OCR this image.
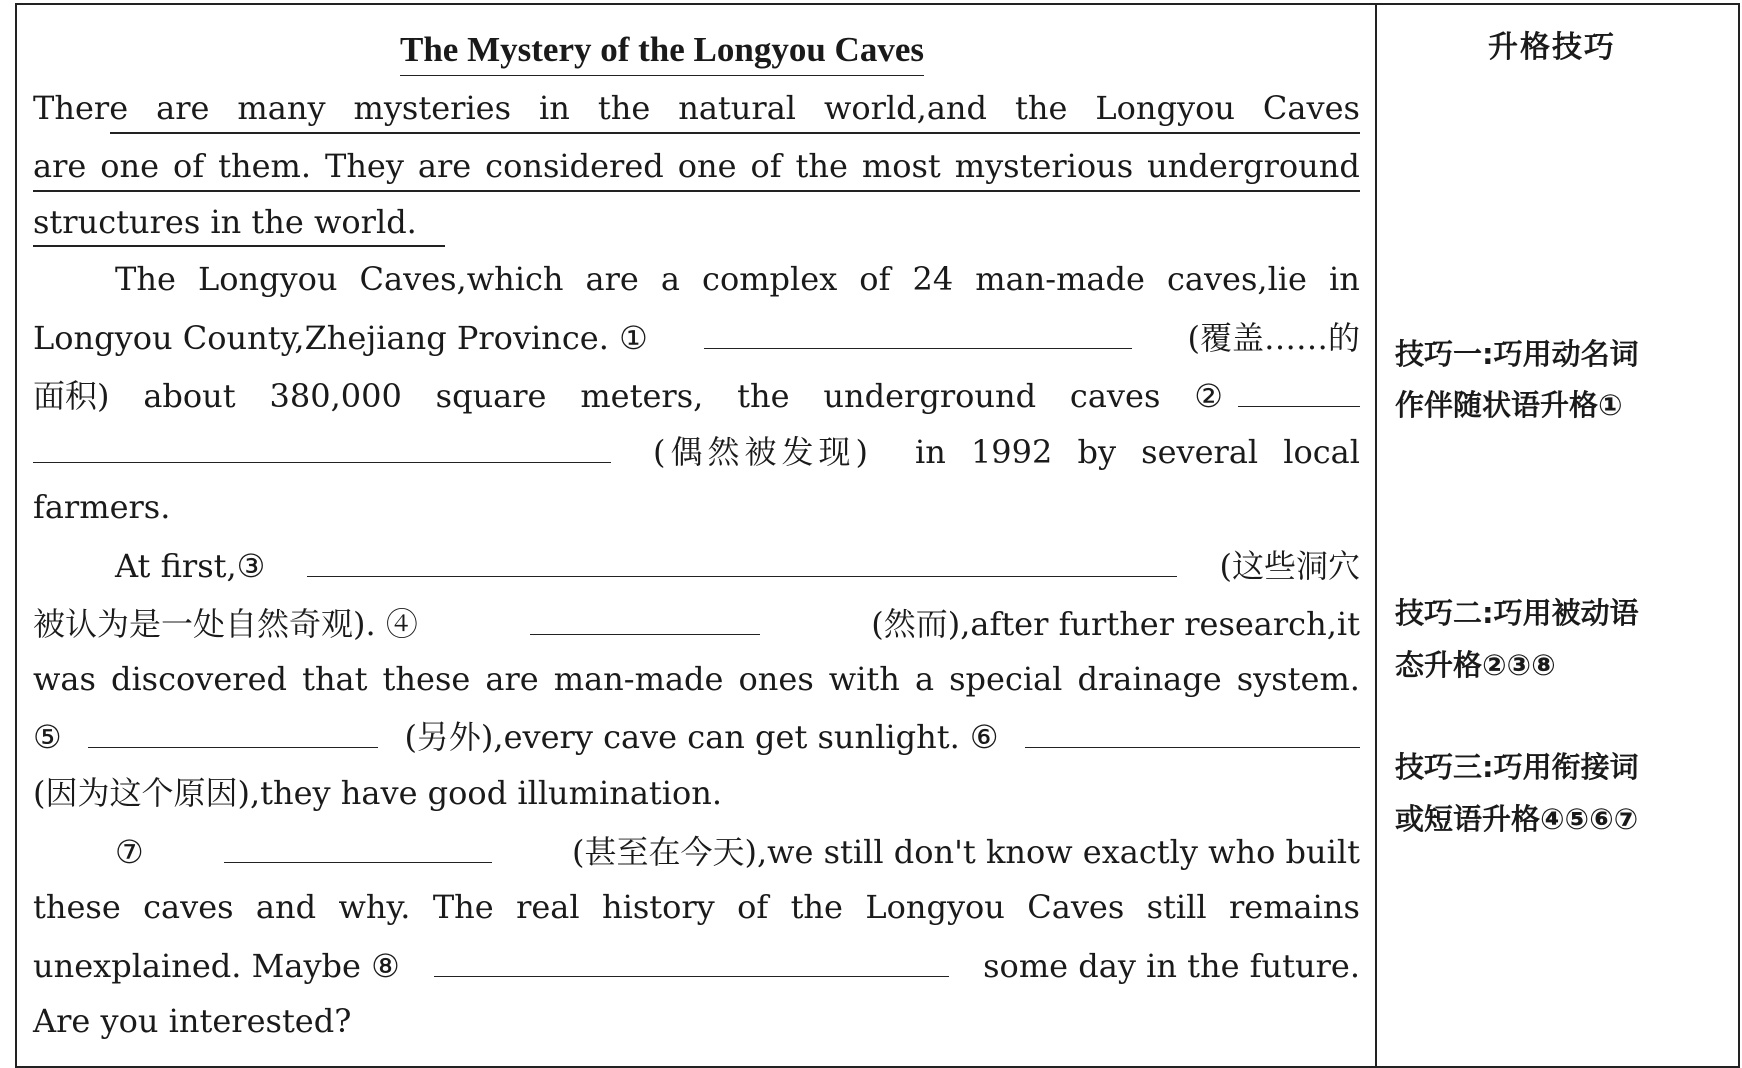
The Mystery of the Longyou Caves
There are many mysteries in the natural world,and the Longyou Caves
are one of them. They are considered one of the most mysterious underground
structures in the world.
The Longyou Caves,which are a complex of 24 man-made caves,lie in
Longyou County,Zhejiang Province. ①	(覆盖……的
面积) about 380,000 square meters, the underground caves ②
(偶然被发现) in 1992 by several local
farmers.
At first,③	(这些洞穴
被认为是一处自然奇观). ④	(然而),after further research,it
was discovered that these are man-made ones with a special drainage system.
⑤	(另外),every cave can get sunlight. ⑥
(因为这个原因),they have good illumination.
⑦	(甚至在今天),we still don't know exactly who built
these caves and why. The real history of the Longyou Caves still remains
unexplained. Maybe ⑧	some day in the future.
Are you interested?
升格技巧
技巧一:巧用动名词
作伴随状语升格①
技巧二:巧用被动语
态升格②③⑧
技巧三:巧用衔接词
或短语升格④⑤⑥⑦
